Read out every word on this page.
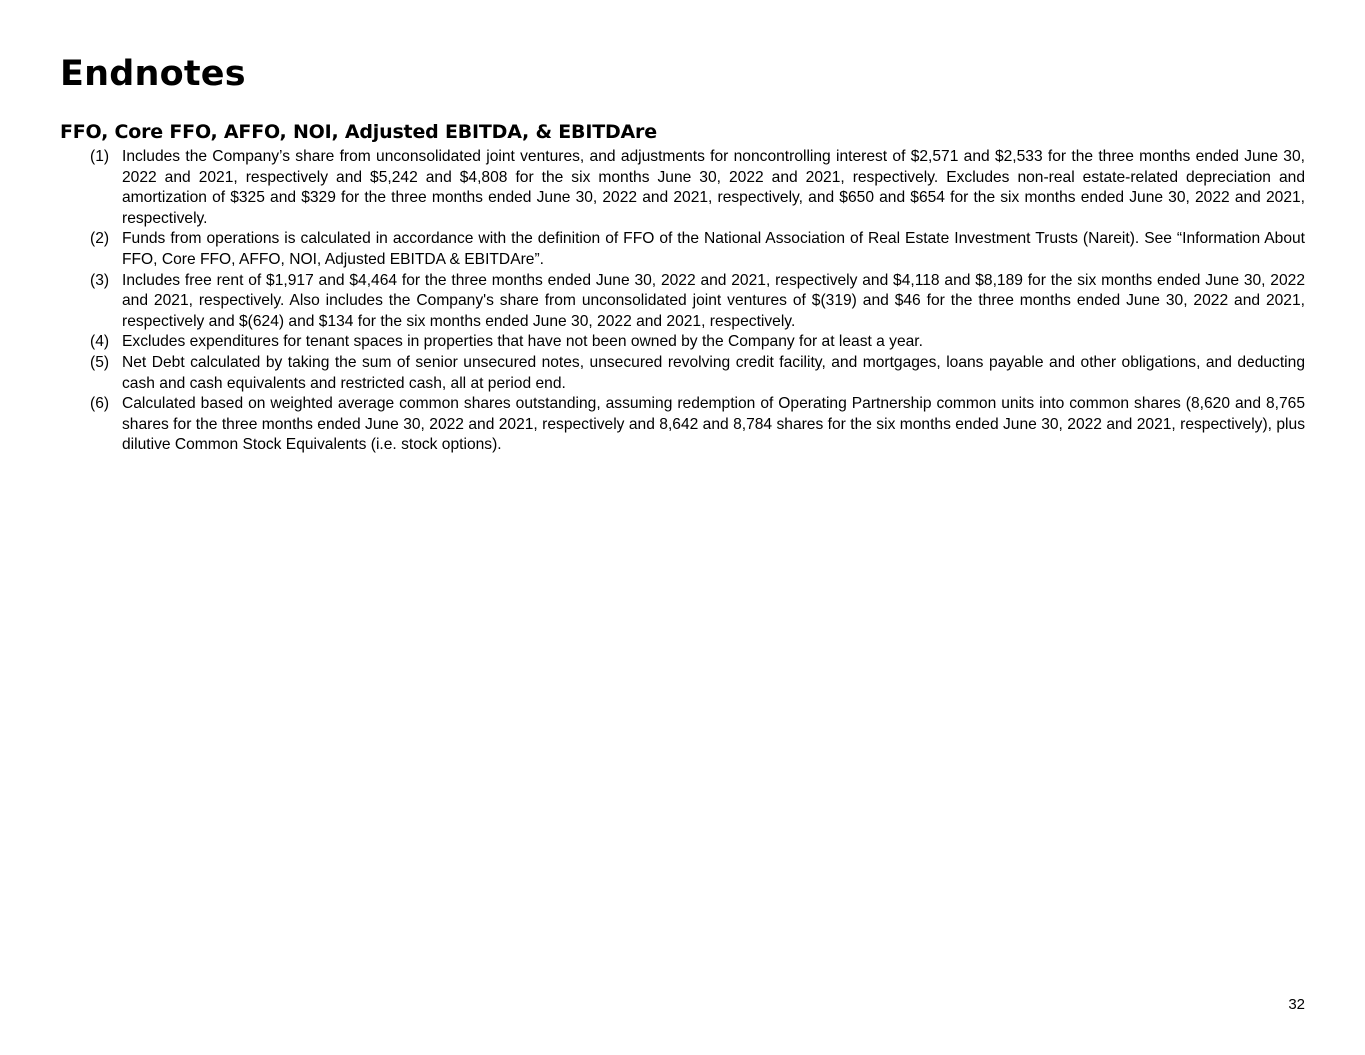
Endnotes
FFO, Core FFO, AFFO, NOI, Adjusted EBITDA, & EBITDAre
(1) Includes the Company’s share from unconsolidated joint ventures, and adjustments for noncontrolling interest of $2,571 and $2,533 for the three months ended June 30, 2022 and 2021, respectively and $5,242 and $4,808 for the six months June 30, 2022 and 2021, respectively. Excludes non-real estate-related depreciation and amortization of $325 and $329 for the three months ended June 30, 2022 and 2021, respectively, and $650 and $654 for the six months ended June 30, 2022 and 2021, respectively.
(2) Funds from operations is calculated in accordance with the definition of FFO of the National Association of Real Estate Investment Trusts (Nareit). See “Information About FFO, Core FFO, AFFO, NOI, Adjusted EBITDA & EBITDAre”.
(3) Includes free rent of $1,917 and $4,464 for the three months ended June 30, 2022 and 2021, respectively and $4,118 and $8,189 for the six months ended June 30, 2022 and 2021, respectively. Also includes the Company's share from unconsolidated joint ventures of $(319) and $46 for the three months ended June 30, 2022 and 2021, respectively and $(624) and $134 for the six months ended June 30, 2022 and 2021, respectively.
(4) Excludes expenditures for tenant spaces in properties that have not been owned by the Company for at least a year.
(5) Net Debt calculated by taking the sum of senior unsecured notes, unsecured revolving credit facility, and mortgages, loans payable and other obligations, and deducting cash and cash equivalents and restricted cash, all at period end.
(6) Calculated based on weighted average common shares outstanding, assuming redemption of Operating Partnership common units into common shares (8,620 and 8,765 shares for the three months ended June 30, 2022 and 2021, respectively and 8,642 and 8,784 shares for the six months ended June 30, 2022 and 2021, respectively), plus dilutive Common Stock Equivalents (i.e. stock options).
32
